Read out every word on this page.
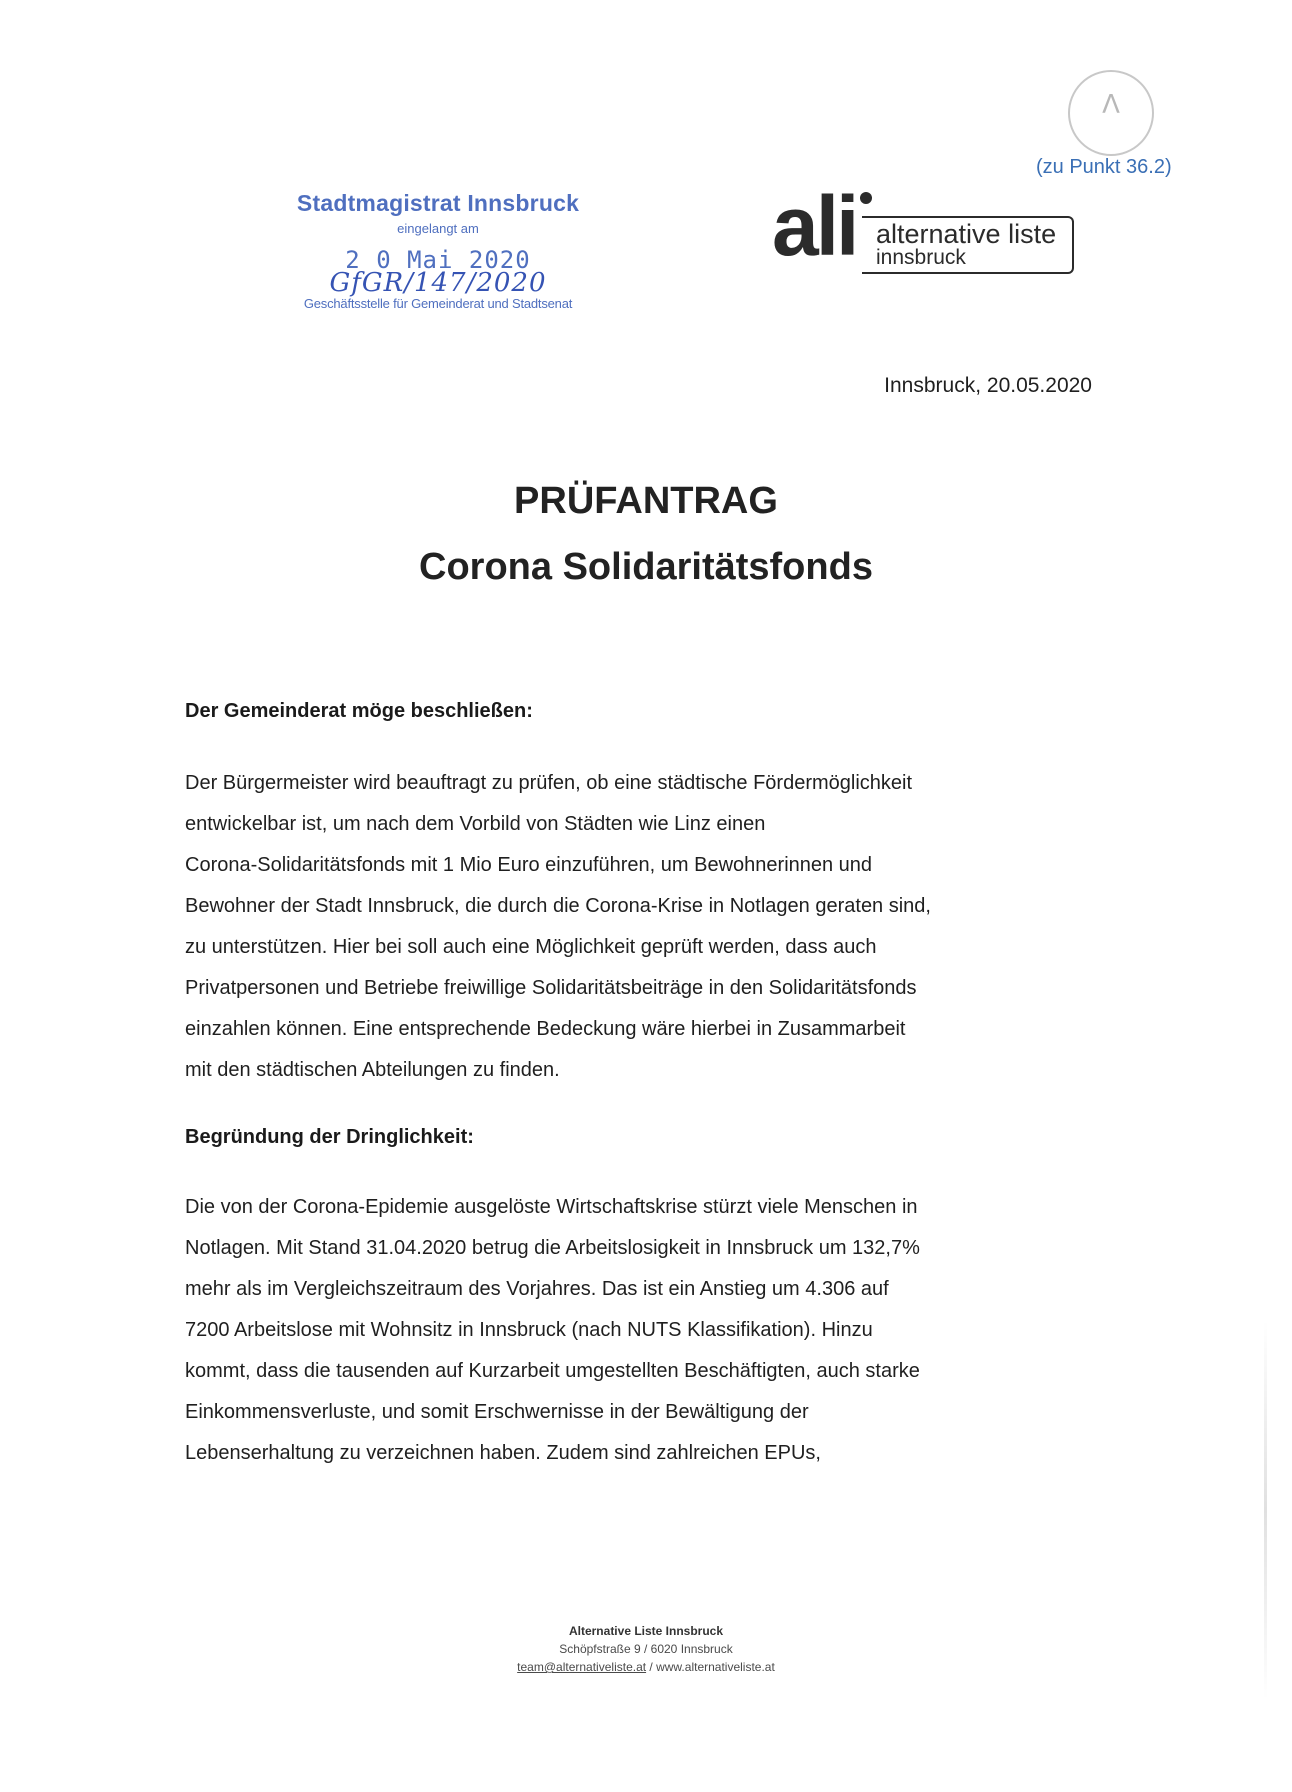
Λ
(zu Punkt 36.2)
Stadtmagistrat Innsbruck
eingelangt am
2 0 Mai 2020
GfGR/147/2020
Geschäftsstelle für Gemeinderat und Stadtsenat
ali alternative liste
innsbruck
Innsbruck, 20.05.2020
PRÜFANTRAG
Corona Solidaritätsfonds
Der Gemeinderat möge beschließen:
Der Bürgermeister wird beauftragt zu prüfen, ob eine städtische Fördermöglichkeit
entwickelbar ist, um nach dem Vorbild von Städten wie Linz einen
Corona-Solidaritätsfonds mit 1 Mio Euro einzuführen, um Bewohnerinnen und
Bewohner der Stadt Innsbruck, die durch die Corona-Krise in Notlagen geraten sind,
zu unterstützen. Hier bei soll auch eine Möglichkeit geprüft werden, dass auch
Privatpersonen und Betriebe freiwillige Solidaritätsbeiträge in den Solidaritätsfonds
einzahlen können. Eine entsprechende Bedeckung wäre hierbei in Zusammarbeit
mit den städtischen Abteilungen zu finden.
Begründung der Dringlichkeit:
Die von der Corona-Epidemie ausgelöste Wirtschaftskrise stürzt viele Menschen in
Notlagen. Mit Stand 31.04.2020 betrug die Arbeitslosigkeit in Innsbruck um 132,7%
mehr als im Vergleichszeitraum des Vorjahres. Das ist ein Anstieg um 4.306 auf
7200 Arbeitslose mit Wohnsitz in Innsbruck (nach NUTS Klassifikation). Hinzu
kommt, dass die tausenden auf Kurzarbeit umgestellten Beschäftigten, auch starke
Einkommensverluste, und somit Erschwernisse in der Bewältigung der
Lebenserhaltung zu verzeichnen haben. Zudem sind zahlreichen EPUs,
Alternative Liste Innsbruck
Schöpfstraße 9 / 6020 Innsbruck
team@alternativeliste.at / www.alternativeliste.at
